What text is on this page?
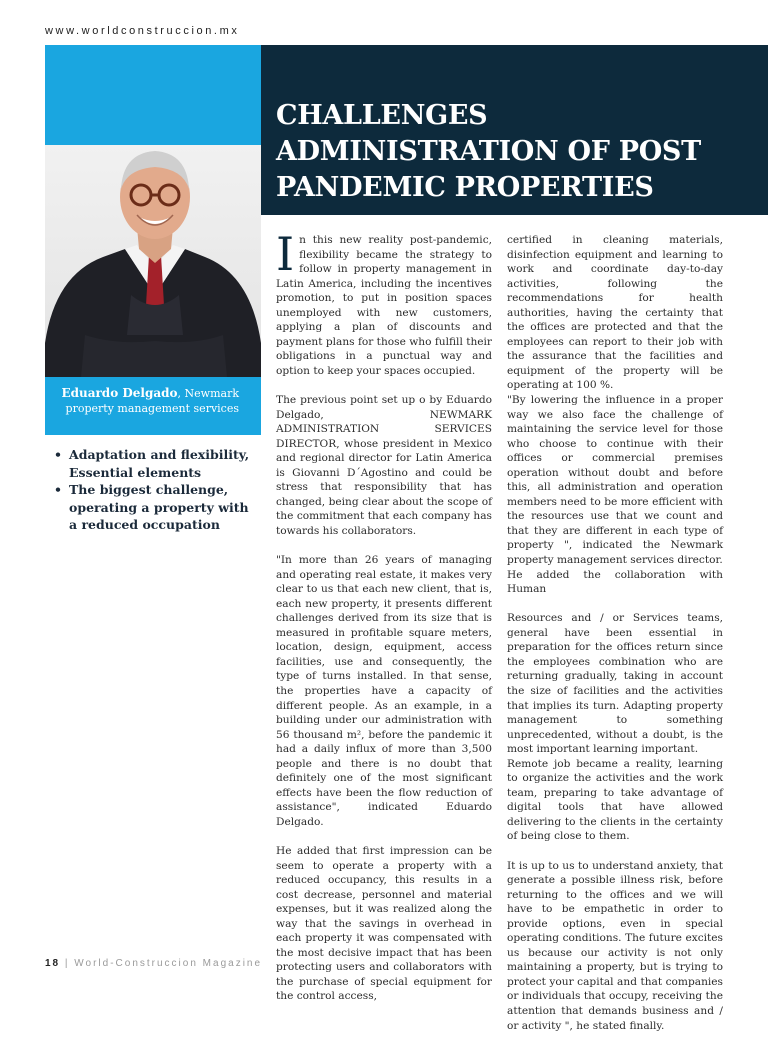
www.worldconstruccion.mx
CHALLENGES
ADMINISTRATION OF POST
PANDEMIC PROPERTIES
Eduardo Delgado, Newmark
property management services
• Adaptation and flexibility, Essential elements
• The biggest challenge, operating a property with a reduced occupation

In this new reality post-pandemic, flexibility became the strategy to follow in property management in Latin America, including the incentives promotion, to put in position spaces unemployed with new customers, applying a plan of discounts and payment plans for those who fulfill their obligations in a punctual way and option to keep your spaces occupied.

The previous point set up o by Eduardo Delgado, NEWMARK ADMINISTRATION SERVICES DIRECTOR, whose president in Mexico and regional director for Latin America is Giovanni D´Agostino and could be stress that responsibility that has changed, being clear about the scope of the commitment that each company has towards his collaborators.

"In more than 26 years of managing and operating real estate, it makes very clear to us that each new client, that is, each new property, it presents different challenges derived from its size that is measured in profitable square meters, location, design, equipment, access facilities, use and consequently, the type of turns installed. In that sense, the properties have a capacity of different people. As an example, in a building under our administration with 56 thousand m², before the pandemic it had a daily influx of more than 3,500 people and there is no doubt that definitely one of the most significant effects have been the flow reduction of assistance", indicated Eduardo Delgado.

He added that first impression can be seem to operate a property with a reduced occupancy, this results in a cost decrease, personnel and material expenses, but it was realized along the way that the savings in overhead in each property it was compensated with the most decisive impact that has been protecting users and collaborators with the purchase of special equipment for the control access,

certified in cleaning materials, disinfection equipment and learning to work and coordinate day-to-day activities, following the recommendations for health authorities, having the certainty that the offices are protected and that the employees can report to their job with the assurance that the facilities and equipment of the property will be operating at 100 %.

"By lowering the influence in a proper way we also face the challenge of maintaining the service level for those who choose to continue with their offices or commercial premises operation without doubt and before this, all administration and operation members need to be more efficient with the resources use that we count and that they are different in each type of property ", indicated the Newmark property management services director.

He added the collaboration with Human

Resources and / or Services teams, general have been essential in preparation for the offices return since the employees combination who are returning gradually, taking in account the size of facilities and the activities that implies its turn. Adapting property management to something unprecedented, without a doubt, is the most important learning important.

Remote job became a reality, learning to organize the activities and the work team, preparing to take advantage of digital tools that have allowed delivering to the clients in the certainty of being close to them.

It is up to us to understand anxiety, that generate a possible illness risk, before returning to the offices and we will have to be empathetic in order to provide options, even in special operating conditions. The future excites us because our activity is not only maintaining a property, but is trying to protect your capital and that companies or individuals that occupy, receiving the attention that demands business and / or activity ", he stated finally.

18 | World-Construccion Magazine
